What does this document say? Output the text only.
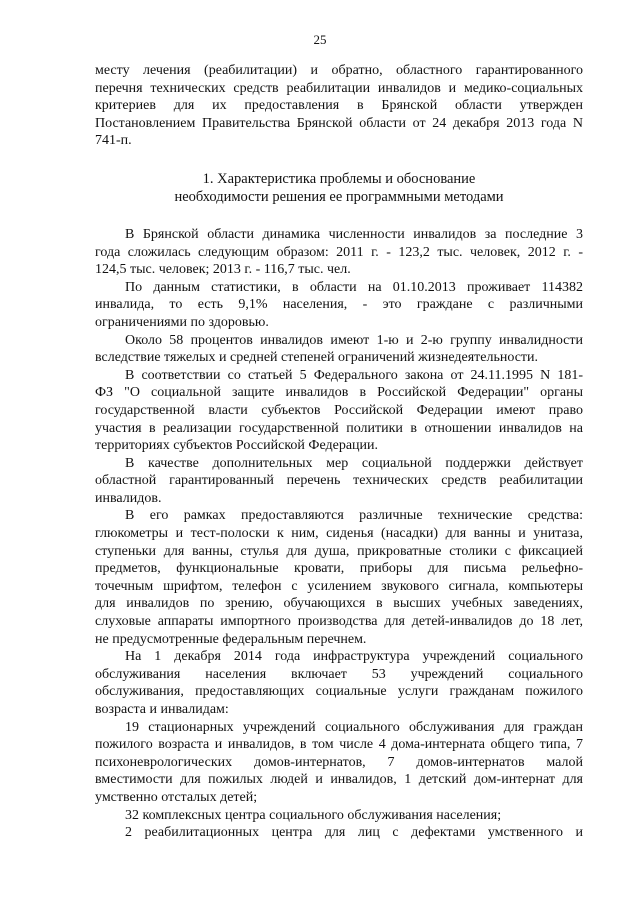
25
месту лечения (реабилитации) и обратно, областного гарантированного
перечня технических средств реабилитации инвалидов и медико-социальных
критериев для их предоставления в Брянской области утвержден
Постановлением Правительства Брянской области от 24 декабря 2013 года N
741-п.
1. Характеристика проблемы и обоснование
необходимости решения ее программными методами
В Брянской области динамика численности инвалидов за последние 3
года сложилась следующим образом: 2011 г. - 123,2 тыс. человек, 2012 г. -
124,5 тыс. человек; 2013 г. - 116,7 тыс. чел.
По данным статистики, в области на 01.10.2013 проживает 114382
инвалида, то есть 9,1% населения, - это граждане с различными
ограничениями по здоровью.
Около 58 процентов инвалидов имеют 1-ю и 2-ю группу инвалидности
вследствие тяжелых и средней степеней ограничений жизнедеятельности.
В соответствии со статьей 5 Федерального закона от 24.11.1995 N 181-
ФЗ "О социальной защите инвалидов в Российской Федерации" органы
государственной власти субъектов Российской Федерации имеют право
участия в реализации государственной политики в отношении инвалидов на
территориях субъектов Российской Федерации.
В качестве дополнительных мер социальной поддержки действует
областной гарантированный перечень технических средств реабилитации
инвалидов.
В его рамках предоставляются различные технические средства:
глюкометры и тест-полоски к ним, сиденья (насадки) для ванны и унитаза,
ступеньки для ванны, стулья для душа, прикроватные столики с фиксацией
предметов, функциональные кровати, приборы для письма рельефно-
точечным шрифтом, телефон с усилением звукового сигнала, компьютеры
для инвалидов по зрению, обучающихся в высших учебных заведениях,
слуховые аппараты импортного производства для детей-инвалидов до 18 лет,
не предусмотренные федеральным перечнем.
На 1 декабря 2014 года инфраструктура учреждений социального
обслуживания населения включает 53 учреждений социального
обслуживания, предоставляющих социальные услуги гражданам пожилого
возраста и инвалидам:
19 стационарных учреждений социального обслуживания для граждан
пожилого возраста и инвалидов, в том числе 4 дома-интерната общего типа, 7
психоневрологических домов-интернатов, 7 домов-интернатов малой
вместимости для пожилых людей и инвалидов, 1 детский дом-интернат для
умственно отсталых детей;
32 комплексных центра социального обслуживания населения;
2 реабилитационных центра для лиц с дефектами умственного и
